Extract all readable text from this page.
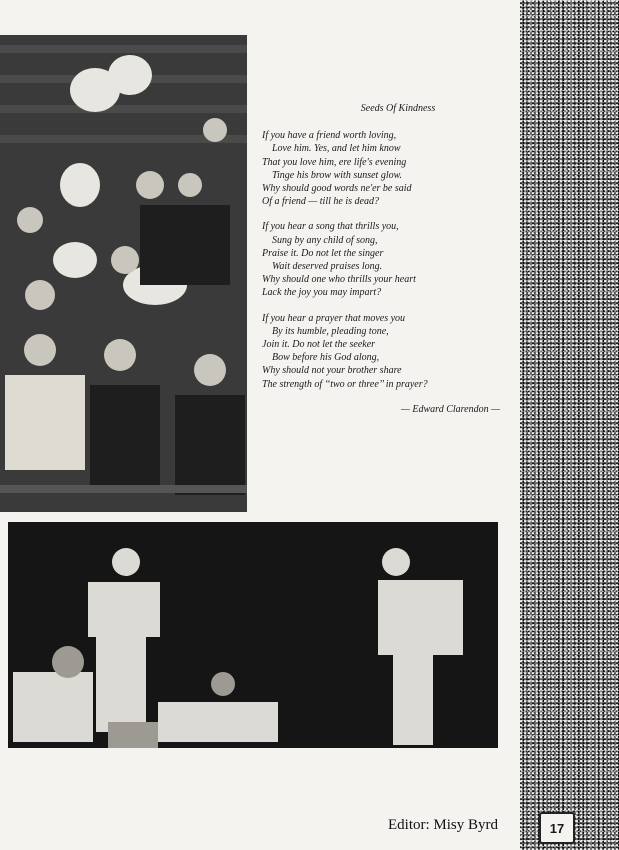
Seeds Of Kindness
If you have a friend worth loving,
Love him. Yes, and let him know
That you love him, ere life's evening
Tinge his brow with sunset glow.
Why should good words ne'er be said
Of a friend — till he is dead?
If you hear a song that thrills you,
Sung by any child of song,
Praise it. Do not let the singer
Wait deserved praises long.
Why should one who thrills your heart
Lack the joy you may impart?
If you hear a prayer that moves you
By its humble, pleading tone,
Join it. Do not let the seeker
Bow before his God along,
Why should not your brother share
The strength of ‘‘two or three’’ in prayer?
— Edward Clarendon —
Editor: Misy Byrd	17
